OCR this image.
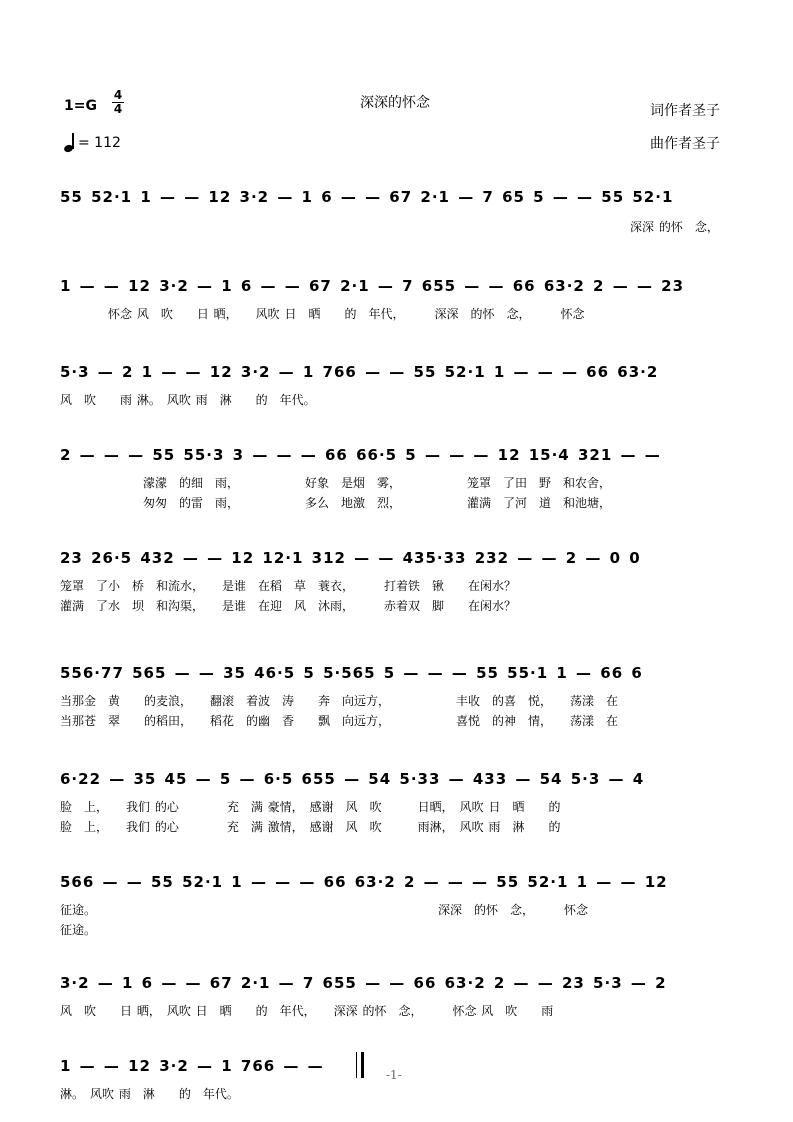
深深的怀念
$1=G \frac{4}{4}$
= 112
词作者圣子
曲作者圣子
55 52·1 1 — — 12 3·2 — 1 6 — — 67 2·1 — 7 65 5 — — 55 52·1
深深 的怀　念，
1 — — 12 3·2 — 1 6 — — 67 2·1 — 7 655 — — 66 63·2 2 — — 23
怀念 风　吹　　日 晒，　　风吹 日　晒　　的　年代，　　　深深　的怀　念，　　　怀念
5·3 — 2 1 — — 12 3·2 — 1 766 — — 55 52·1 1 — — — 66 63·2
风　吹　　雨 淋。　风吹 雨　淋　　的　年代。
2 — — — 55 55·3 3 — — — 66 66·5 5 — — — 12 15·4 321 — —
濛濛　的细　雨，　　　　　　好象　是烟　雾，　　　　　　笼罩　了田　野　和农舍，
匆匆　的雷　雨，　　　　　　多么　地激　烈，　　　　　　灌满　了河　道　和池塘，
23 26·5 432 — — 12 12·1 312 — — 435·33 232 — — 2 — 0 0
笼罩　了小　桥　和流水，　　是谁　在稻　草　蓑衣，　　　打着铁　锹　　在闲水？
灌满　了水　坝　和沟渠，　　是谁　在迎　风　沐雨，　　　赤着双　脚　　在闲水？
556·77 565 — — 35 46·5 5 5·565 5 — — — 55 55·1 1 — 66 6
当那金　黄　　的麦浪，　　翻滚　着波　涛　　奔　向远方，　　　　　　丰收　的喜　悦，　　荡漾　在
当那苍　翠　　的稻田，　　稻花　的幽　香　　飘　向远方，　　　　　　喜悦　的神　情，　　荡漾　在
6·22 — 35 45 — 5 — 6·5 655 — 54 5·33 — 433 — 54 5·3 — 4
脸　上，　　我们 的心　　　　充　满 豪情，　感谢　风　吹　　　日晒，　风吹 日　晒　　的
脸　上，　　我们 的心　　　　充　满 激情，　感谢　风　吹　　　雨淋，　风吹 雨　淋　　的
566 — — 55 52·1 1 — — — 66 63·2 2 — — — 55 52·1 1 — — 12
征途。　　　　　　　　　　　　　　　　　　　　　　　　　　　　　深深　的怀　念，　　　怀念
征途。
3·2 — 1 6 — — 67 2·1 — 7 655 — — 66 63·2 2 — — 23 5·3 — 2
风　吹　　日 晒，　风吹 日　晒　　的　年代，　　深深 的怀　念，　　　怀念 风　吹　　雨
1 — — 12 3·2 — 1 766 — —
淋。　风吹 雨　淋　　的　年代。
-1-
